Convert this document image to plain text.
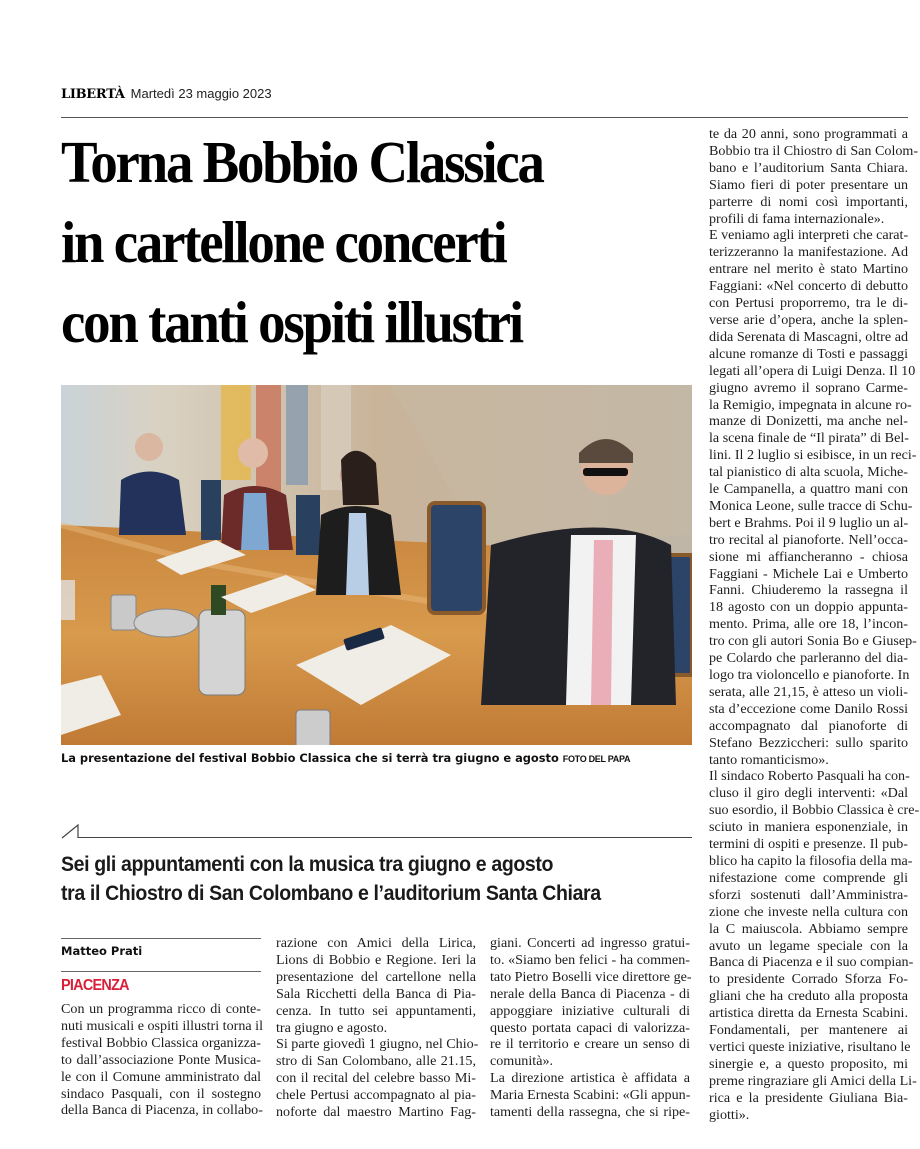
LIBERTÀ Martedì 23 maggio 2023
Torna Bobbio Classica
in cartellone concerti
con tanti ospiti illustri
La presentazione del festival Bobbio Classica che si terrà tra giugno e agosto FOTO DEL PAPA
Sei gli appuntamenti con la musica tra giugno e agosto
tra il Chiostro di San Colombano e l’auditorium Santa Chiara
Matteo Prati
PIACENZA
Con un programma ricco di conte-
nuti musicali e ospiti illustri torna il
festival Bobbio Classica organizza-
to dall’associazione Ponte Musica-
le con il Comune amministrato dal
sindaco Pasquali, con il sostegno
della Banca di Piacenza, in collabo-
razione con Amici della Lirica,
Lions di Bobbio e Regione. Ieri la
presentazione del cartellone nella
Sala Ricchetti della Banca di Pia-
cenza. In tutto sei appuntamenti,
tra giugno e agosto.
Si parte giovedì 1 giugno, nel Chio-
stro di San Colombano, alle 21.15,
con il recital del celebre basso Mi-
chele Pertusi accompagnato al pia-
noforte dal maestro Martino Fag-
giani. Concerti ad ingresso gratui-
to. «Siamo ben felici - ha commen-
tato Pietro Boselli vice direttore ge-
nerale della Banca di Piacenza - di
appoggiare iniziative culturali di
questo portata capaci di valorizza-
re il territorio e creare un senso di
comunità».
La direzione artistica è affidata a
Maria Ernesta Scabini: «Gli appun-
tamenti della rassegna, che si ripe-
te da 20 anni, sono programmati a
Bobbio tra il Chiostro di San Colom-
bano e l’auditorium Santa Chiara.
Siamo fieri di poter presentare un
parterre di nomi così importanti,
profili di fama internazionale».
E veniamo agli interpreti che carat-
terizzeranno la manifestazione. Ad
entrare nel merito è stato Martino
Faggiani: «Nel concerto di debutto
con Pertusi proporremo, tra le di-
verse arie d’opera, anche la splen-
dida Serenata di Mascagni, oltre ad
alcune romanze di Tosti e passaggi
legati all’opera di Luigi Denza. Il 10
giugno avremo il soprano Carme-
la Remigio, impegnata in alcune ro-
manze di Donizetti, ma anche nel-
la scena finale de “Il pirata” di Bel-
lini. Il 2 luglio si esibisce, in un reci-
tal pianistico di alta scuola, Miche-
le Campanella, a quattro mani con
Monica Leone, sulle tracce di Schu-
bert e Brahms. Poi il 9 luglio un al-
tro recital al pianoforte. Nell’occa-
sione mi affiancheranno - chiosa
Faggiani - Michele Lai e Umberto
Fanni. Chiuderemo la rassegna il
18 agosto con un doppio appunta-
mento. Prima, alle ore 18, l’incon-
tro con gli autori Sonia Bo e Giusep-
pe Colardo che parleranno del dia-
logo tra violoncello e pianoforte. In
serata, alle 21,15, è atteso un violi-
sta d’eccezione come Danilo Rossi
accompagnato dal pianoforte di
Stefano Bezziccheri: sullo sparito
tanto romanticismo».
Il sindaco Roberto Pasquali ha con-
cluso il giro degli interventi: «Dal
suo esordio, il Bobbio Classica è cre-
sciuto in maniera esponenziale, in
termini di ospiti e presenze. Il pub-
blico ha capito la filosofia della ma-
nifestazione come comprende gli
sforzi sostenuti dall’Amministra-
zione che investe nella cultura con
la C maiuscola. Abbiamo sempre
avuto un legame speciale con la
Banca di Piacenza e il suo compian-
to presidente Corrado Sforza Fo-
gliani che ha creduto alla proposta
artistica diretta da Ernesta Scabini.
Fondamentali, per mantenere ai
vertici queste iniziative, risultano le
sinergie e, a questo proposito, mi
preme ringraziare gli Amici della Li-
rica e la presidente Giuliana Bia-
giotti».
